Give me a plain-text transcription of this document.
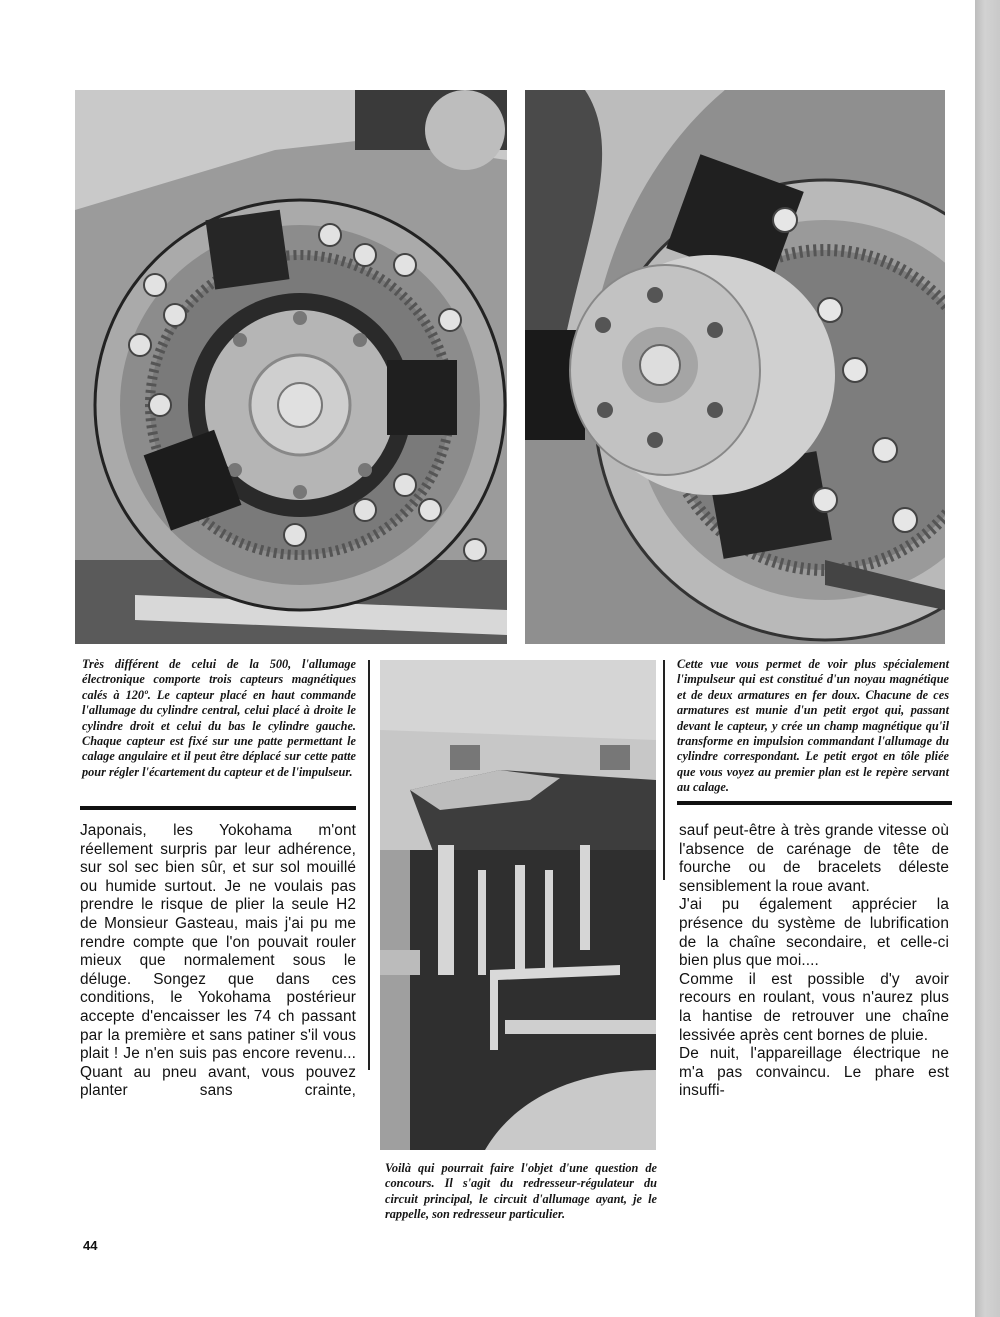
Très différent de celui de la 500, l'allumage électronique comporte trois capteurs magnétiques calés à 120º. Le capteur placé en haut commande l'allumage du cylindre central, celui placé à droite le cylindre droit et celui du bas le cylindre gauche. Chaque capteur est fixé sur une patte permettant le calage angulaire et il peut être déplacé sur cette patte pour régler l'écartement du capteur et de l'impulseur.
Cette vue vous permet de voir plus spécialement l'impulseur qui est constitué d'un noyau magnétique et de deux armatures en fer doux. Chacune de ces armatures est munie d'un petit ergot qui, passant devant le capteur, y crée un champ magnétique qu'il transforme en impulsion commandant l'allumage du cylindre correspondant. Le petit ergot en tôle pliée que vous voyez au premier plan est le repère servant au calage.
Voilà qui pourrait faire l'objet d'une question de concours. Il s'agit du redresseur-régulateur du circuit principal, le circuit d'allumage ayant, je le rappelle, son redresseur particulier.

Japonais, les Yokohama m'ont réellement surpris par leur adhérence, sur sol sec bien sûr, et sur sol mouillé ou humide surtout. Je ne voulais pas prendre le risque de plier la seule H2 de Monsieur Gasteau, mais j'ai pu me rendre compte que l'on pouvait rouler mieux que normalement sous le déluge. Songez que dans ces conditions, le Yokohama postérieur accepte d'encaisser les 74 ch passant par la première et sans patiner s'il vous plait ! Je n'en suis pas encore revenu... Quant au pneu avant, vous pouvez planter sans crainte,

sauf peut-être à très grande vitesse où l'absence de carénage de tête de fourche ou de bracelets déleste sensiblement la roue avant.

J'ai pu également apprécier la présence du système de lubrification de la chaîne secondaire, et celle-ci bien plus que moi....

Comme il est possible d'y avoir recours en roulant, vous n'aurez plus la hantise de retrouver une chaîne lessivée après cent bornes de pluie.

De nuit, l'appareillage électrique ne m'a pas convaincu. Le phare est insuffi-

44
